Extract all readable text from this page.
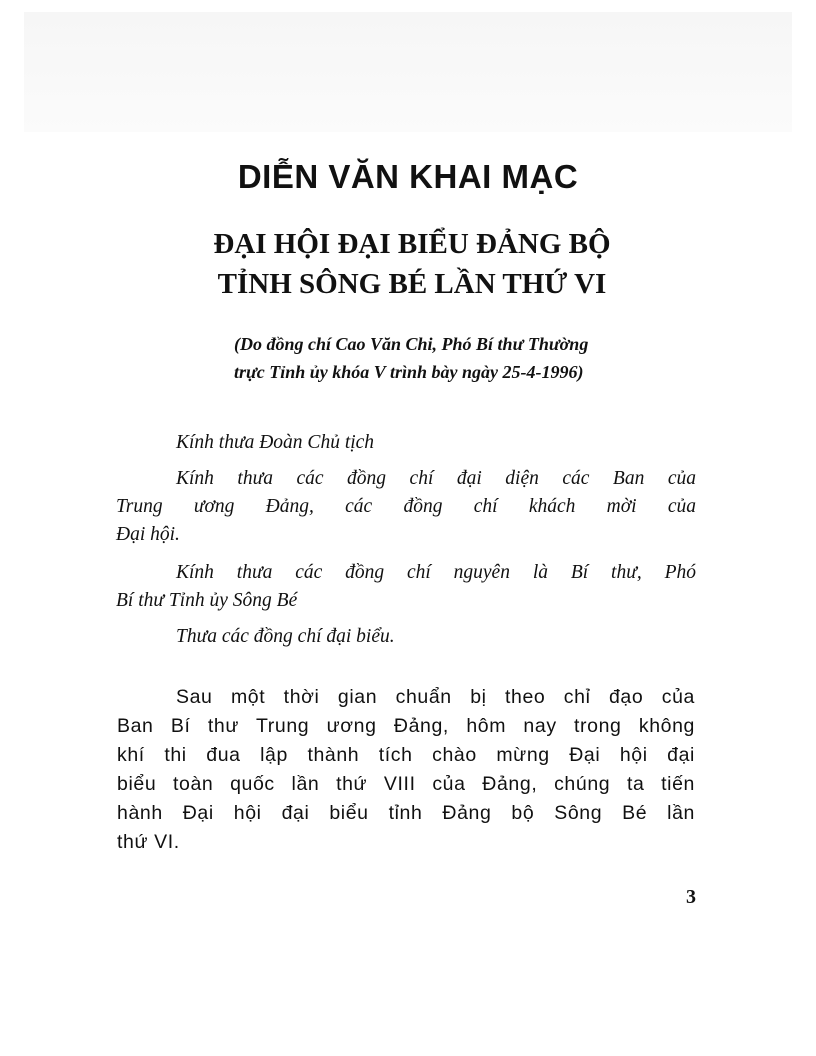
DIỄN VĂN KHAI MẠC
ĐẠI HỘI ĐẠI BIỂU ĐẢNG BỘ
TỈNH SÔNG BÉ LẦN THỨ VI
(Do đồng chí Cao Văn Chi, Phó Bí thư Thường
trực Tỉnh ủy khóa V trình bày ngày 25-4-1996)
Kính thưa Đoàn Chủ tịch
Kính thưa các đồng chí đại diện các Ban của
Trung ương Đảng, các đồng chí khách mời của
Đại hội.
Kính thưa các đồng chí nguyên là Bí thư, Phó
Bí thư Tỉnh ủy Sông Bé
Thưa các đồng chí đại biểu.
Sau một thời gian chuẩn bị theo chỉ đạo của
Ban Bí thư Trung ương Đảng, hôm nay trong không
khí thi đua lập thành tích chào mừng Đại hội đại
biểu toàn quốc lần thứ VIII của Đảng, chúng ta tiến
hành Đại hội đại biểu tỉnh Đảng bộ Sông Bé lần
thứ VI.
3
